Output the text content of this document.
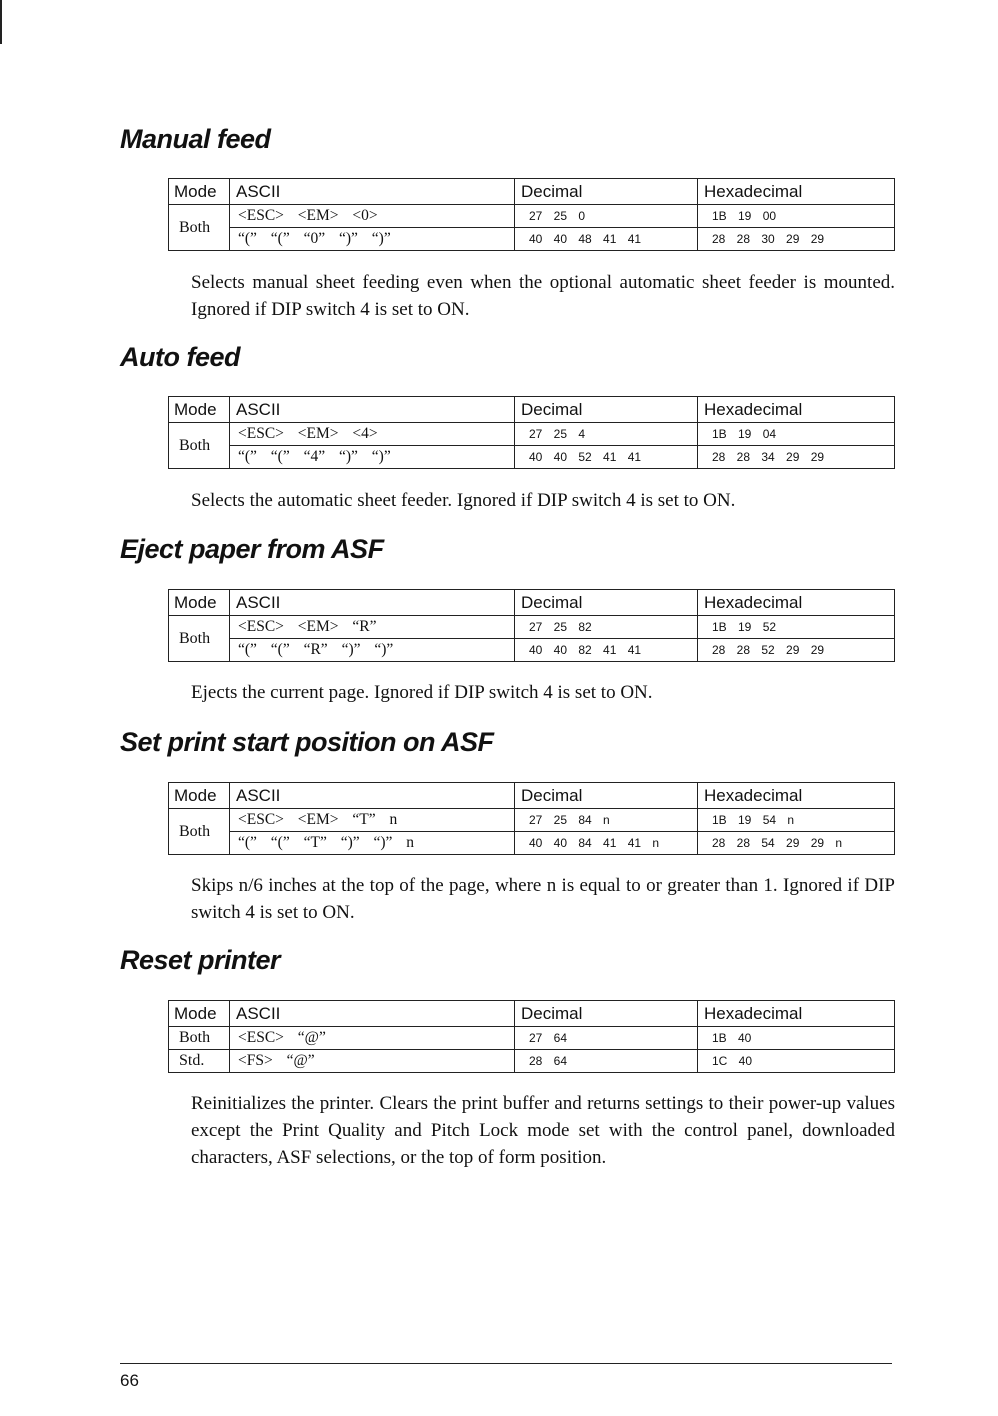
Manual feed
Mode	ASCII	Decimal	Hexadecimal
Both	<ESC> <EM> <0>	27 25 0	1B 19 00
	“(” “(” “0” “)” “)”	40 40 48 41 41	28 28 30 29 29

Selects manual sheet feeding even when the optional automatic sheet feeder is mounted. Ignored if DIP switch 4 is set to ON.

Auto feed
Mode	ASCII	Decimal	Hexadecimal
Both	<ESC> <EM> <4>	27 25 4	1B 19 04
	“(” “(” “4” “)” “)”	40 40 52 41 41	28 28 34 29 29

Selects the automatic sheet feeder. Ignored if DIP switch 4 is set to ON.

Eject paper from ASF
Mode	ASCII	Decimal	Hexadecimal
Both	<ESC> <EM> “R”	27 25 82	1B 19 52
	“(” “(” “R” “)” “)”	40 40 82 41 41	28 28 52 29 29

Ejects the current page. Ignored if DIP switch 4 is set to ON.

Set print start position on ASF
Mode	ASCII	Decimal	Hexadecimal
Both	<ESC> <EM> “T” n	27 25 84 n	1B 19 54 n
	“(” “(” “T” “)” “)” n	40 40 84 41 41 n	28 28 54 29 29 n

Skips n/6 inches at the top of the page, where n is equal to or greater than 1. Ignored if DIP switch 4 is set to ON.

Reset printer
Mode	ASCII	Decimal	Hexadecimal
Both	<ESC> “@”	27 64	1B 40
Std.	<FS> “@”	28 64	1C 40

Reinitializes the printer. Clears the print buffer and returns settings to their power-up values except the Print Quality and Pitch Lock mode set with the control panel, downloaded characters, ASF selections, or the top of form position.

66
